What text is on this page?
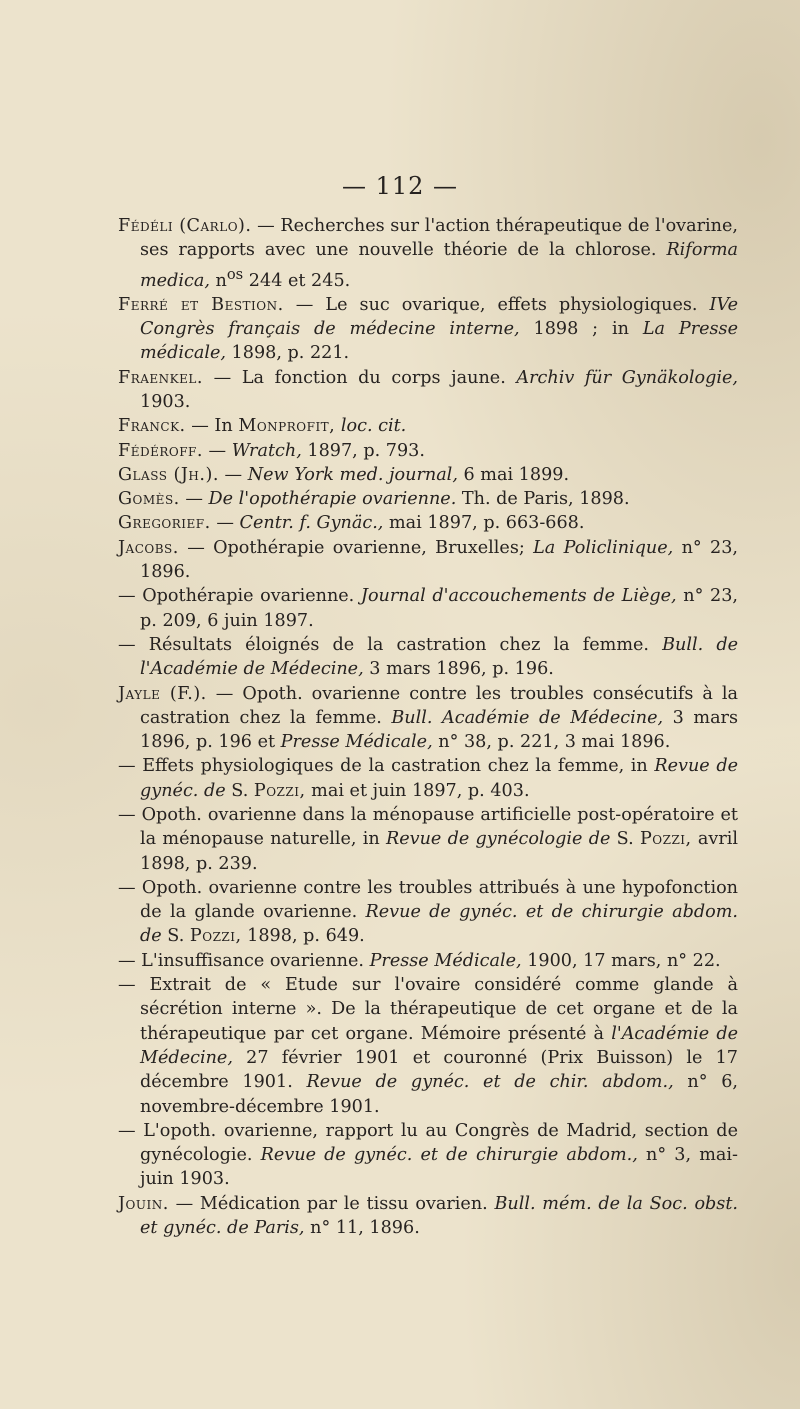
— 112 —

Fédéli (Carlo). — Recherches sur l'action thérapeutique de l'ovarine, ses rapports avec une nouvelle théorie de la chlorose. Riforma medica, $n^{os}$ 244 et 245.

Ferré et Bestion. — Le suc ovarique, effets physiologiques. IVe Congrès français de médecine interne, 1898 ; in La Presse médicale, 1898, p. 221.

Fraenkel. — La fonction du corps jaune. Archiv für Gynäkologie, 1903.

Franck. — In Monprofit, loc. cit.

Fédéroff. — Wratch, 1897, p. 793.

Glass (Jh.). — New York med. journal, 6 mai 1899.

Gomès. — De l'opothérapie ovarienne. Th. de Paris, 1898.

Gregorief. — Centr. f. Gynäc., mai 1897, p. 663-668.

Jacobs. — Opothérapie ovarienne, Bruxelles; La Policlinique, n° 23, 1896.

— Opothérapie ovarienne. Journal d'accouchements de Liège, n° 23, p. 209, 6 juin 1897.

— Résultats éloignés de la castration chez la femme. Bull. de l'Académie de Médecine, 3 mars 1896, p. 196.

Jayle (F.). — Opoth. ovarienne contre les troubles consécutifs à la castration chez la femme. Bull. Académie de Médecine, 3 mars 1896, p. 196 et Presse Médicale, n° 38, p. 221, 3 mai 1896.

— Effets physiologiques de la castration chez la femme, in Revue de gynéc. de S. Pozzi, mai et juin 1897, p. 403.

— Opoth. ovarienne dans la ménopause artificielle post-opératoire et la ménopause naturelle, in Revue de gynécologie de S. Pozzi, avril 1898, p. 239.

— Opoth. ovarienne contre les troubles attribués à une hypofonction de la glande ovarienne. Revue de gynéc. et de chirurgie abdom. de S. Pozzi, 1898, p. 649.

— L'insuffisance ovarienne. Presse Médicale, 1900, 17 mars, n° 22.

— Extrait de « Etude sur l'ovaire considéré comme glande à sécrétion interne ». De la thérapeutique de cet organe et de la thérapeutique par cet organe. Mémoire présenté à l'Académie de Médecine, 27 février 1901 et couronné (Prix Buisson) le 17 décembre 1901. Revue de gynéc. et de chir. abdom., n° 6, novembre-décembre 1901.

— L'opoth. ovarienne, rapport lu au Congrès de Madrid, section de gynécologie. Revue de gynéc. et de chirurgie abdom., n° 3, mai-juin 1903.

Jouin. — Médication par le tissu ovarien. Bull. mém. de la Soc. obst. et gynéc. de Paris, n° 11, 1896.
